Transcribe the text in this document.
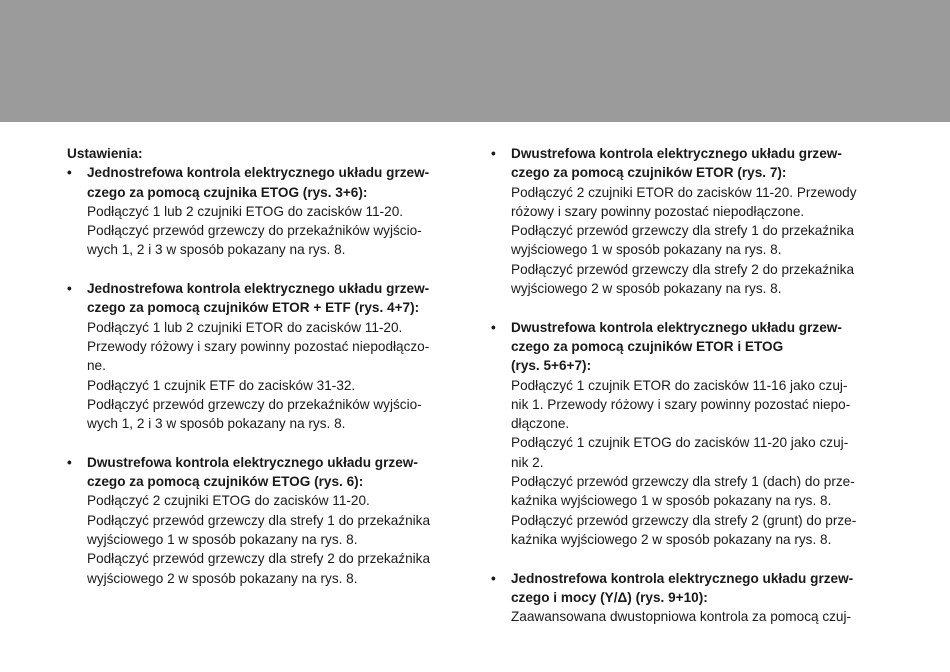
Ustawienia:
• Jednostrefowa kontrola elektrycznego układu grzew-
czego za pomocą czujnika ETOG (rys. 3+6):
Podłączyć 1 lub 2 czujniki ETOG do zacisków 11-20.
Podłączyć przewód grzewczy do przekaźników wyjścio-
wych 1, 2 i 3 w sposób pokazany na rys. 8.
• Jednostrefowa kontrola elektrycznego układu grzew-
czego za pomocą czujników ETOR + ETF (rys. 4+7):
Podłączyć 1 lub 2 czujniki ETOR do zacisków 11-20.
Przewody różowy i szary powinny pozostać niepodłączo-
ne.
Podłączyć 1 czujnik ETF do zacisków 31-32.
Podłączyć przewód grzewczy do przekaźników wyjścio-
wych 1, 2 i 3 w sposób pokazany na rys. 8.
• Dwustrefowa kontrola elektrycznego układu grzew-
czego za pomocą czujników ETOG (rys. 6):
Podłączyć 2 czujniki ETOG do zacisków 11-20.
Podłączyć przewód grzewczy dla strefy 1 do przekaźnika
wyjściowego 1 w sposób pokazany na rys. 8.
Podłączyć przewód grzewczy dla strefy 2 do przekaźnika
wyjściowego 2 w sposób pokazany na rys. 8.
• Dwustrefowa kontrola elektrycznego układu grzew-
czego za pomocą czujników ETOR (rys. 7):
Podłączyć 2 czujniki ETOR do zacisków 11-20. Przewody
różowy i szary powinny pozostać niepodłączone.
Podłączyć przewód grzewczy dla strefy 1 do przekaźnika
wyjściowego 1 w sposób pokazany na rys. 8.
Podłączyć przewód grzewczy dla strefy 2 do przekaźnika
wyjściowego 2 w sposób pokazany na rys. 8.
• Dwustrefowa kontrola elektrycznego układu grzew-
czego za pomocą czujników ETOR i ETOG
(rys. 5+6+7):
Podłączyć 1 czujnik ETOR do zacisków 11-16 jako czuj-
nik 1. Przewody różowy i szary powinny pozostać niepo-
dłączone.
Podłączyć 1 czujnik ETOG do zacisków 11-20 jako czuj-
nik 2.
Podłączyć przewód grzewczy dla strefy 1 (dach) do prze-
kaźnika wyjściowego 1 w sposób pokazany na rys. 8.
Podłączyć przewód grzewczy dla strefy 2 (grunt) do prze-
kaźnika wyjściowego 2 w sposób pokazany na rys. 8.
• Jednostrefowa kontrola elektrycznego układu grzew-
czego i mocy (Y/Δ) (rys. 9+10):
Zaawansowana dwustopniowa kontrola za pomocą czuj-
